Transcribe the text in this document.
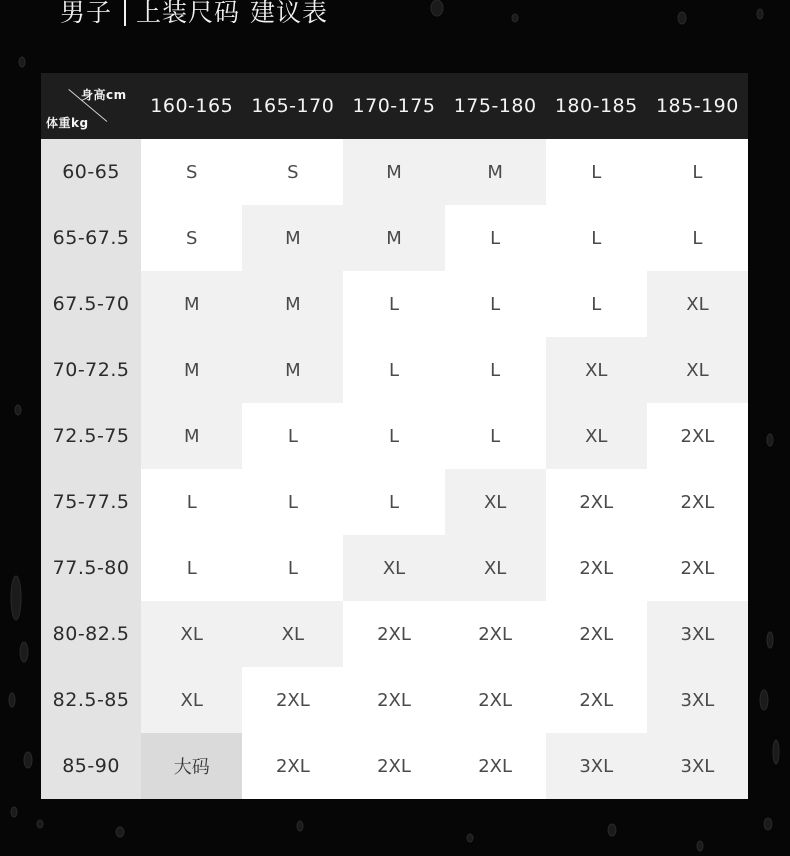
男子 上装尺码 建议表
身高cm
体重kg	160-165	165-170	170-175	175-180	180-185	185-190
60-65	S	S	M	M	L	L
65-67.5	S	M	M	L	L	L
67.5-70	M	M	L	L	L	XL
70-72.5	M	M	L	L	XL	XL
72.5-75	M	L	L	L	XL	2XL
75-77.5	L	L	L	XL	2XL	2XL
77.5-80	L	L	XL	XL	2XL	2XL
80-82.5	XL	XL	2XL	2XL	2XL	3XL
82.5-85	XL	2XL	2XL	2XL	2XL	3XL
85-90	大码	2XL	2XL	2XL	3XL	3XL
